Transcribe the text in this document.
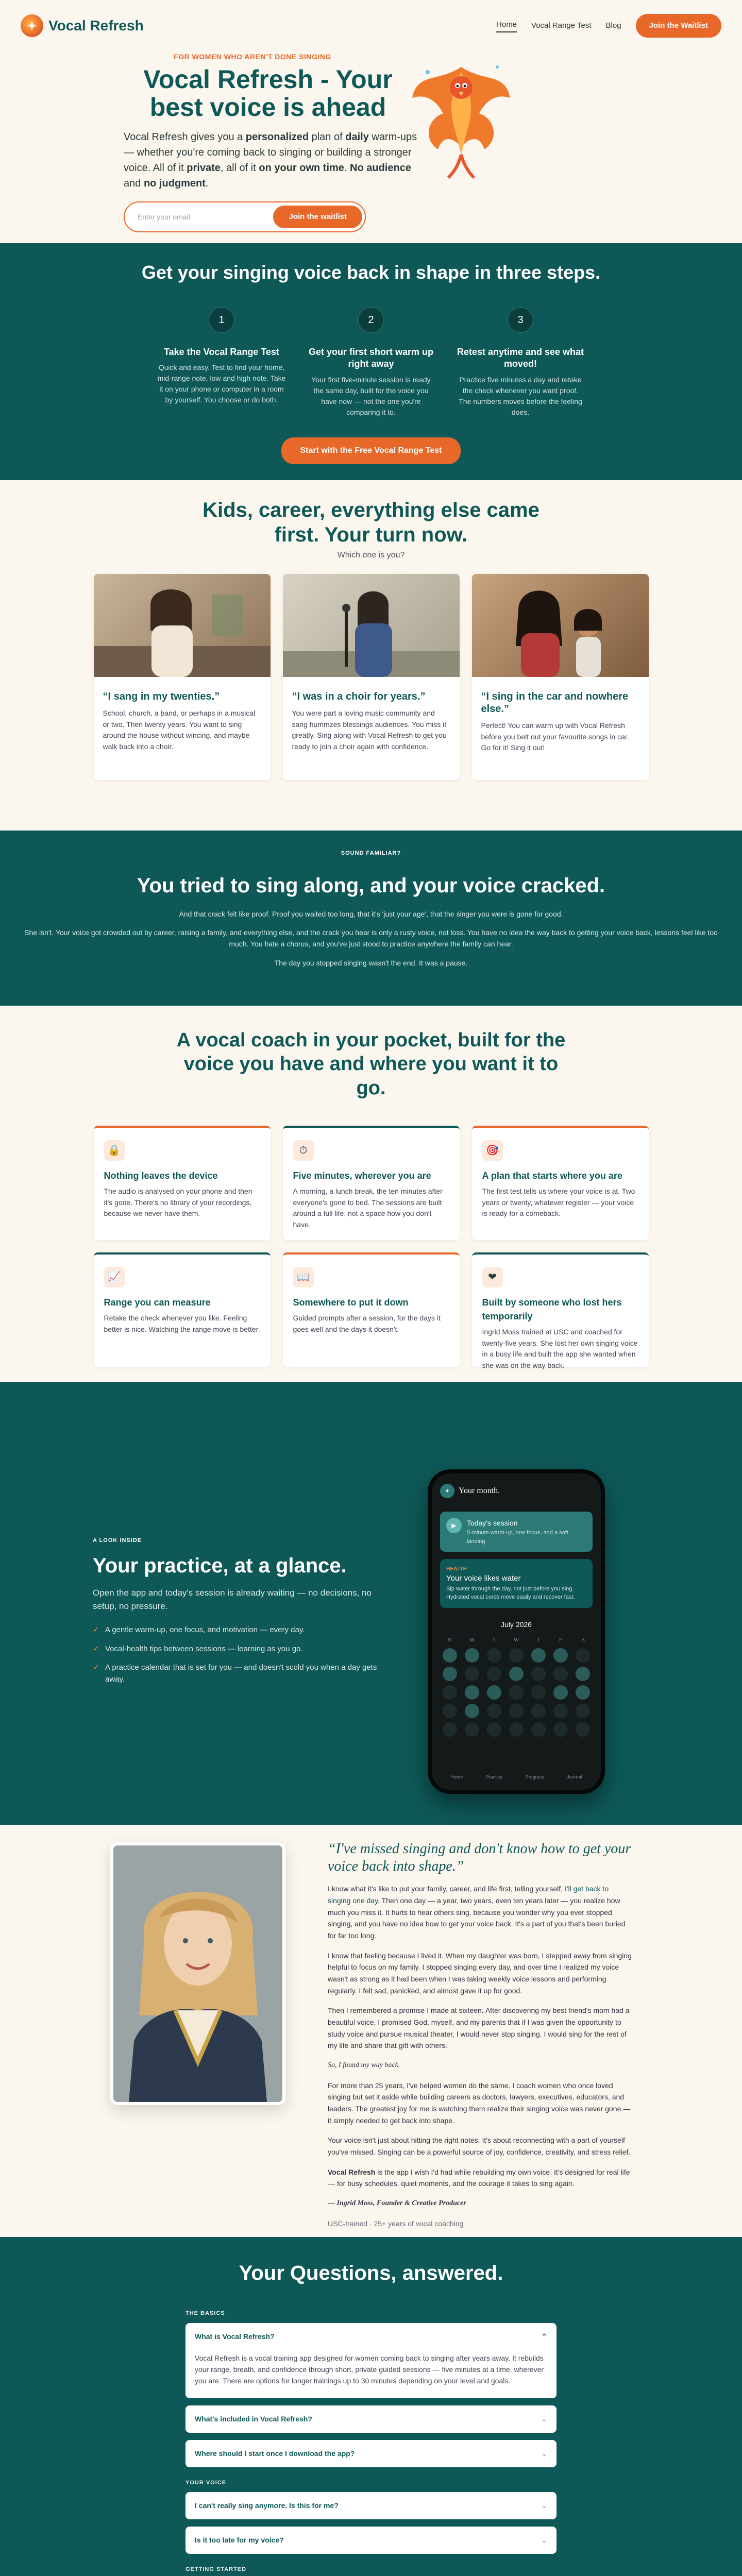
✦ Vocal Refresh	Home Vocal Range Test Blog	Join the Waitlist
FOR WOMEN WHO AREN'T DONE SINGING
Vocal Refresh - Your best voice is ahead

Vocal Refresh gives you a personalized plan of daily warm-ups — whether you're coming back to singing or building a stronger voice. All of it private, all of it on your own time. No audience and no judgment.

Enter your email	Join the waitlist
Get your singing voice back in shape in three steps.
1
Take the Vocal Range Test

Quick and easy. Test to find your home, mid-range note, low and high note. Take it on your phone or computer in a room by yourself. You choose or do both.

2
Get your first short warm up right away

Your first five-minute session is ready the same day, built for the voice you have now — not the one you're comparing it to.

3
Retest anytime and see what moved!

Practice five minutes a day and retake the check whenever you want proof. The numbers moves before the feeling does.

Start with the Free Vocal Range Test
Kids, career, everything else came first. Your turn now.
Which one is you?
“I sang in my twenties.”

School, church, a band, or perhaps in a musical or two. Then twenty years. You want to sing around the house without wincing, and maybe walk back into a choir.

“I was in a choir for years.”

You were part a loving music community and sang hummzes blessings audiences. You miss it greatly. Sing along with Vocal Refresh to get you ready to join a choir again with confidence.

“I sing in the car and nowhere else.”

Perfect! You can warm up with Vocal Refresh before you belt out your favourite songs in car. Go for it! Sing it out!

SOUND FAMILIAR?
You tried to sing along, and your voice cracked.

And that crack felt like proof. Proof you waited too long, that it's 'just your age', that the singer you were is gone for good.

She isn't. Your voice got crowded out by career, raising a family, and everything else, and the crack you hear is only a rusty voice, not loss. You have no idea the way back to getting your voice back, lessons feel like too much. You hate a chorus, and you've just stood to practice anywhere the family can hear.

The day you stopped singing wasn't the end. It was a pause.

A vocal coach in your pocket, built for the voice you have and where you want it to go.
🔒
Nothing leaves the device

The audio is analysed on your phone and then it's gone. There's no library of your recordings, because we never have them.

⏱
Five minutes, wherever you are

A morning, a lunch break, the ten minutes after everyone's gone to bed. The sessions are built around a full life, not a space how you don't have.

🎯
A plan that starts where you are

The first test tells us where your voice is at. Two years or twenty, whatever register — your voice is ready for a comeback.

📈
Range you can measure

Retake the check whenever you like. Feeling better is nice. Watching the range move is better.

📖
Somewhere to put it down

Guided prompts after a session, for the days it goes well and the days it doesn't.

❤
Built by someone who lost hers temporarily

Ingrid Moss trained at USC and coached for twenty-five years. She lost her own singing voice in a busy life and built the app she wanted when she was on the way back.

A LOOK INSIDE
Your practice, at a glance.

Open the app and today's session is already waiting — no decisions, no setup, no pressure.

✓ A gentle warm-up, one focus, and motivation — every day.
✓ Vocal-health tips between sessions — learning as you go.
✓ A practice calendar that is set for you — and doesn't scold you when a day gets away.
✦	Your month.
▶	Today's session
5-minute warm-up, one focus, and a soft landing
HEALTH
Your voice likes water
Sip water through the day, not just before you sing. Hydrated vocal cords move easily and recover fast.
July 2026
S	M	T	W	T	F	S
Home	Practice	Progress	Journal
“I've missed singing and don't know how to get your voice back into shape.”

I know what it's like to put your family, career, and life first, telling yourself, I'll get back to singing one day. Then one day — a year, two years, even ten years later — you realize how much you miss it. It hurts to hear others sing, because you wonder why you ever stopped singing, and you have no idea how to get your voice back. It's a part of you that's been buried for far too long.

I know that feeling because I lived it. When my daughter was born, I stepped away from singing helpful to focus on my family. I stopped singing every day, and over time I realized my voice wasn't as strong as it had been when I was taking weekly voice lessons and performing regularly. I felt sad, panicked, and almost gave it up for good.

Then I remembered a promise I made at sixteen. After discovering my best friend's mom had a beautiful voice, I promised God, myself, and my parents that if I was given the opportunity to study voice and pursue musical theater, I would never stop singing. I would sing for the rest of my life and share that gift with others.

So, I found my way back.

For more than 25 years, I've helped women do the same. I coach women who once loved singing but set it aside while building careers as doctors, lawyers, executives, educators, and leaders. The greatest joy for me is watching them realize their singing voice was never gone — it simply needed to get back into shape.

Your voice isn't just about hitting the right notes. It's about reconnecting with a part of yourself you've missed. Singing can be a powerful source of joy, confidence, creativity, and stress relief.

Vocal Refresh is the app I wish I'd had while rebuilding my own voice. It's designed for real life — for busy schedules, quiet moments, and the courage it takes to sing again.

— Ingrid Moss, Founder & Creative Producer

USC-trained · 25+ years of vocal coaching

Your Questions, answered.
THE BASICS
What is Vocal Refresh?	⌃
Vocal Refresh is a vocal training app designed for women coming back to singing after years away. It rebuilds your range, breath, and confidence through short, private guided sessions — five minutes at a time, wherever you are. There are options for longer trainings up to 30 minutes depending on your level and goals.
What's included in Vocal Refresh?	⌄
Where should I start once I download the app?	⌄
YOUR VOICE
I can't really sing anymore. Is this for me?	⌄
Is it too late for my voice?	⌄
GETTING STARTED
